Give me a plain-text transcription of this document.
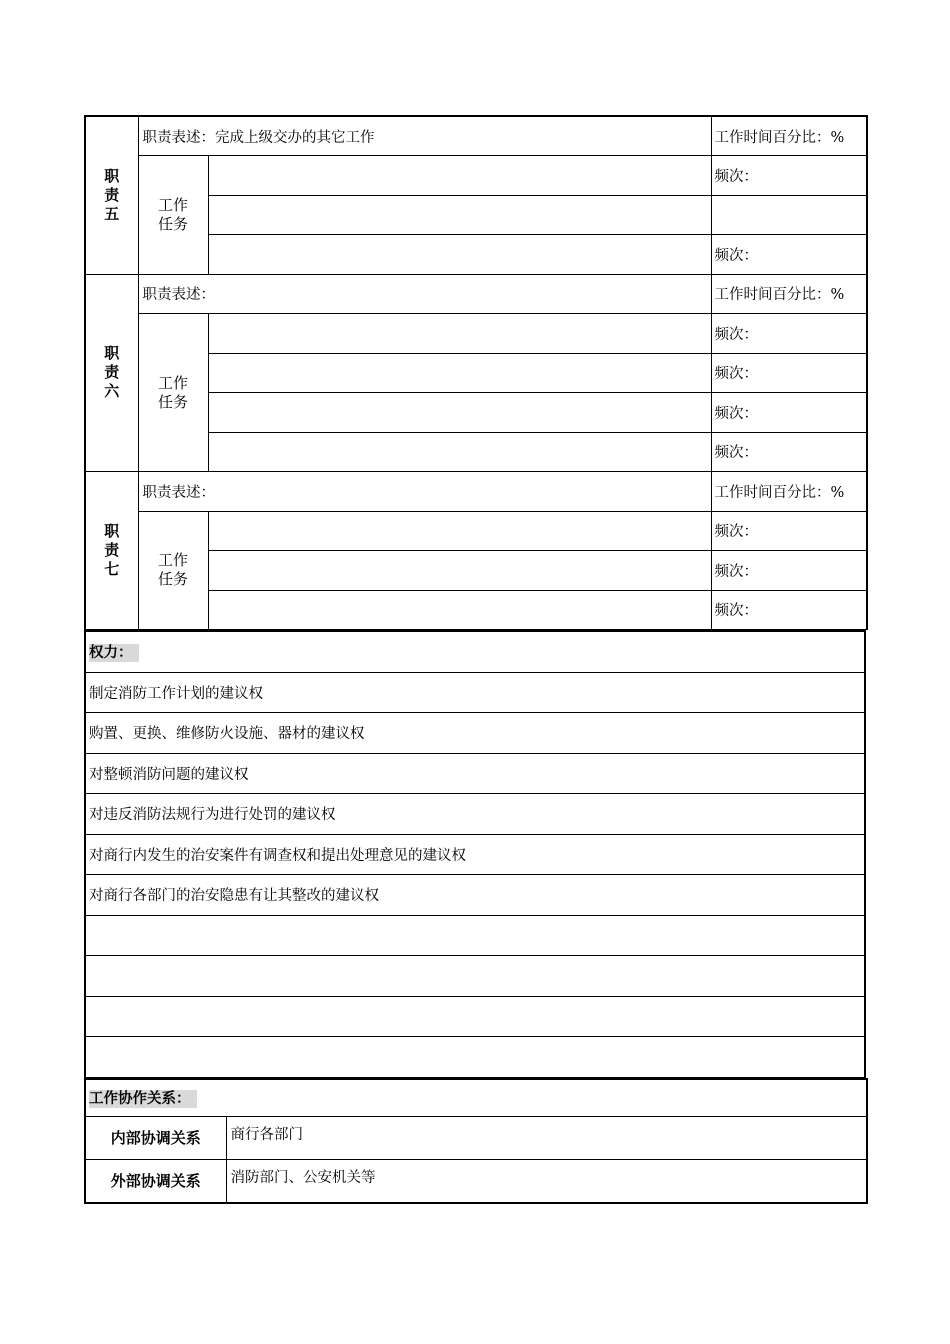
职
责
五	职责表述：完成上级交办的其它工作		工作时间百分比：%
	工作
任务		频次：

			频次：
职
责
六	职责表述：		工作时间百分比：%
	工作
任务		频次：
			频次：
			频次：
			频次：
职
责
七	职责表述：		工作时间百分比：%
	工作
任务		频次：
			频次：
			频次：
权力：
制定消防工作计划的建议权
购置、更换、维修防火设施、器材的建议权
对整顿消防问题的建议权
对违反消防法规行为进行处罚的建议权
对商行内发生的治安案件有调查权和提出处理意见的建议权
对商行各部门的治安隐患有让其整改的建议权

工作协作关系：	
内部协调关系	商行各部门
外部协调关系	消防部门、公安机关等
